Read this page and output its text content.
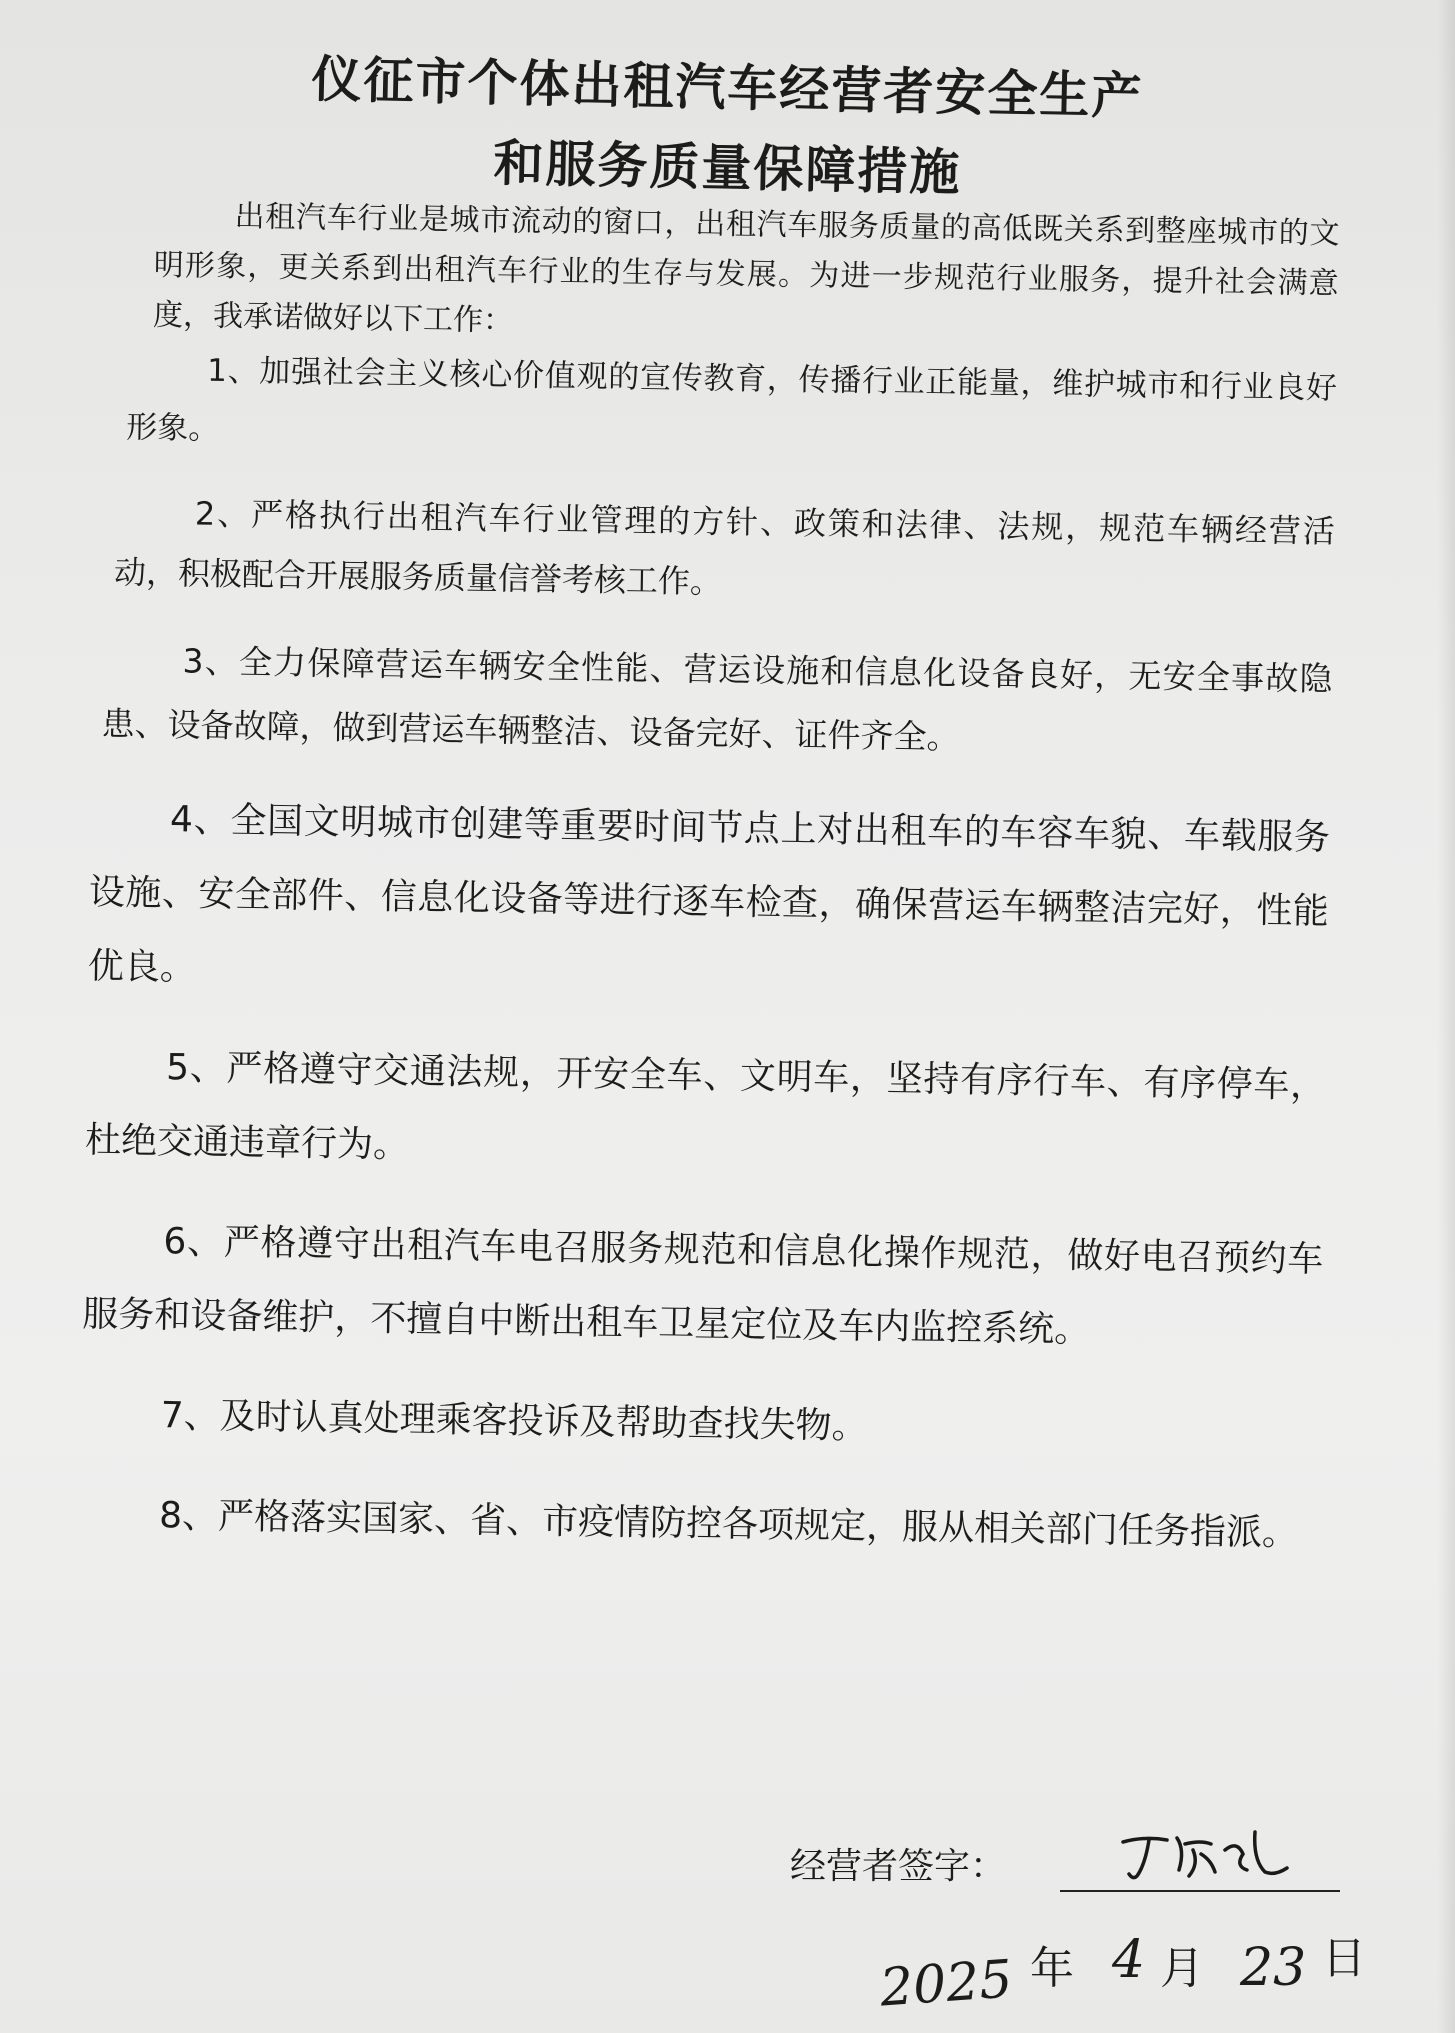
仪征市个体出租汽车经营者安全生产
和服务质量保障措施

出租汽车行业是城市流动的窗口，出租汽车服务质量的高低既关系到整座城市的文明形象，更关系到出租汽车行业的生存与发展。为进一步规范行业服务，提升社会满意度，我承诺做好以下工作：

1、加强社会主义核心价值观的宣传教育，传播行业正能量，维护城市和行业良好形象。

2、严格执行出租汽车行业管理的方针、政策和法律、法规，规范车辆经营活动，积极配合开展服务质量信誉考核工作。

3、全力保障营运车辆安全性能、营运设施和信息化设备良好，无安全事故隐患、设备故障，做到营运车辆整洁、设备完好、证件齐全。

4、全国文明城市创建等重要时间节点上对出租车的车容车貌、车载服务设施、安全部件、信息化设备等进行逐车检查，确保营运车辆整洁完好，性能优良。

5、严格遵守交通法规，开安全车、文明车，坚持有序行车、有序停车，杜绝交通违章行为。

6、严格遵守出租汽车电召服务规范和信息化操作规范，做好电召预约车服务和设备维护，不擅自中断出租车卫星定位及车内监控系统。

7、及时认真处理乘客投诉及帮助查找失物。

8、严格落实国家、省、市疫情防控各项规定，服从相关部门任务指派。

经营者签字：
2025 年 4 月 23 日
